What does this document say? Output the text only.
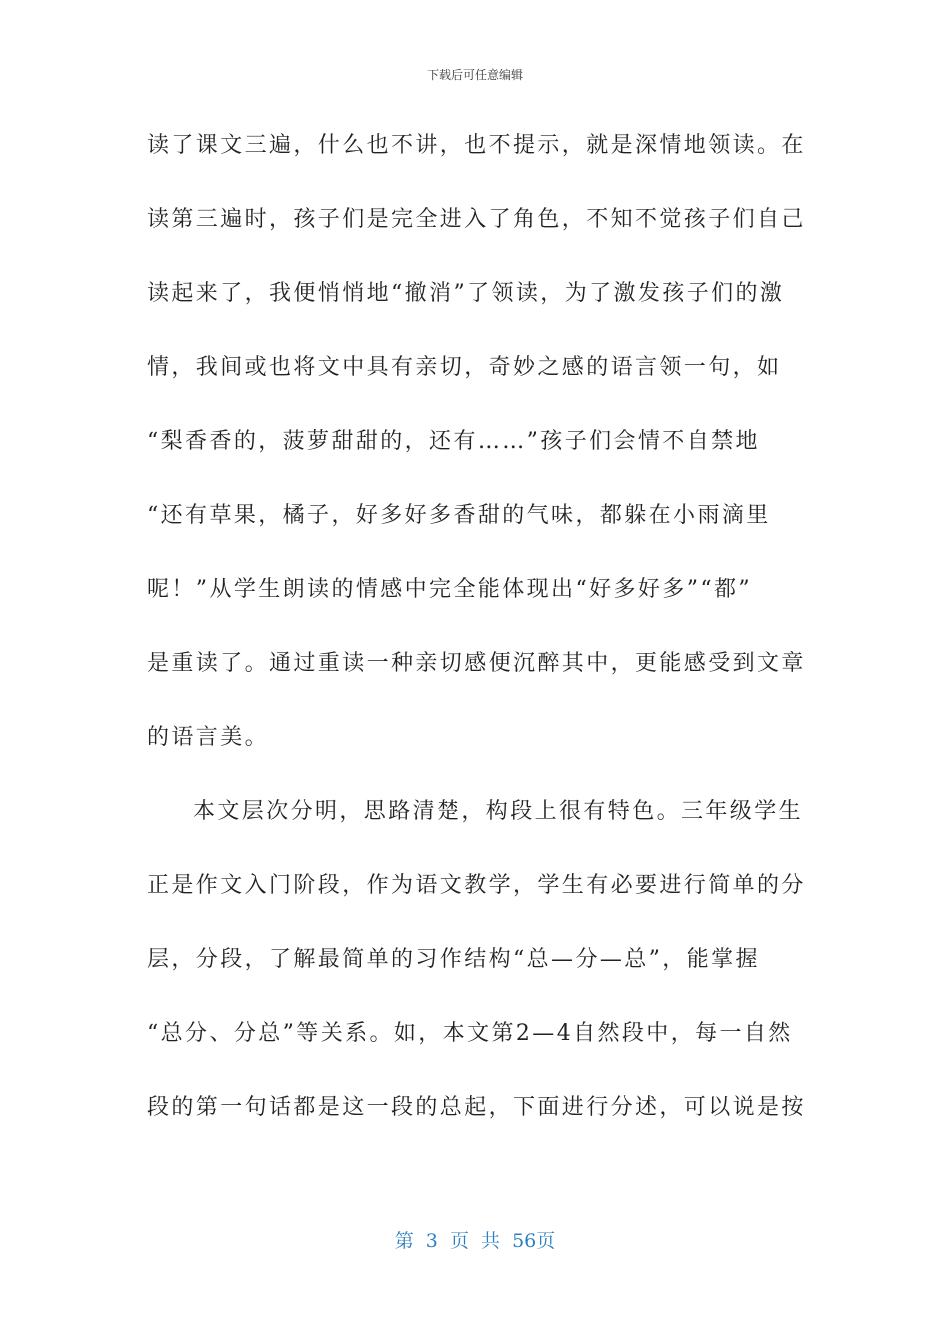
下载后可任意编辑
读了课文三遍，什么也不讲，也不提示，就是深情地领读。在
读第三遍时，孩子们是完全进入了角色，不知不觉孩子们自己
读起来了，我便悄悄地“撤消”了领读，为了激发孩子们的激
情，我间或也将文中具有亲切，奇妙之感的语言领一句，如
“梨香香的，菠萝甜甜的，还有……”孩子们会情不自禁地
“还有草果，橘子，好多好多香甜的气味，都躲在小雨滴里
呢！”从学生朗读的情感中完全能体现出“好多好多”“都”
是重读了。通过重读一种亲切感便沉醉其中，更能感受到文章
的语言美。
本文层次分明，思路清楚，构段上很有特色。三年级学生
正是作文入门阶段，作为语文教学，学生有必要进行简单的分
层，分段，了解最简单的习作结构“总—分—总”，能掌握
“总分、分总”等关系。如，本文第2—4自然段中，每一自然
段的第一句话都是这一段的总起，下面进行分述，可以说是按
第 3 页 共 56页
